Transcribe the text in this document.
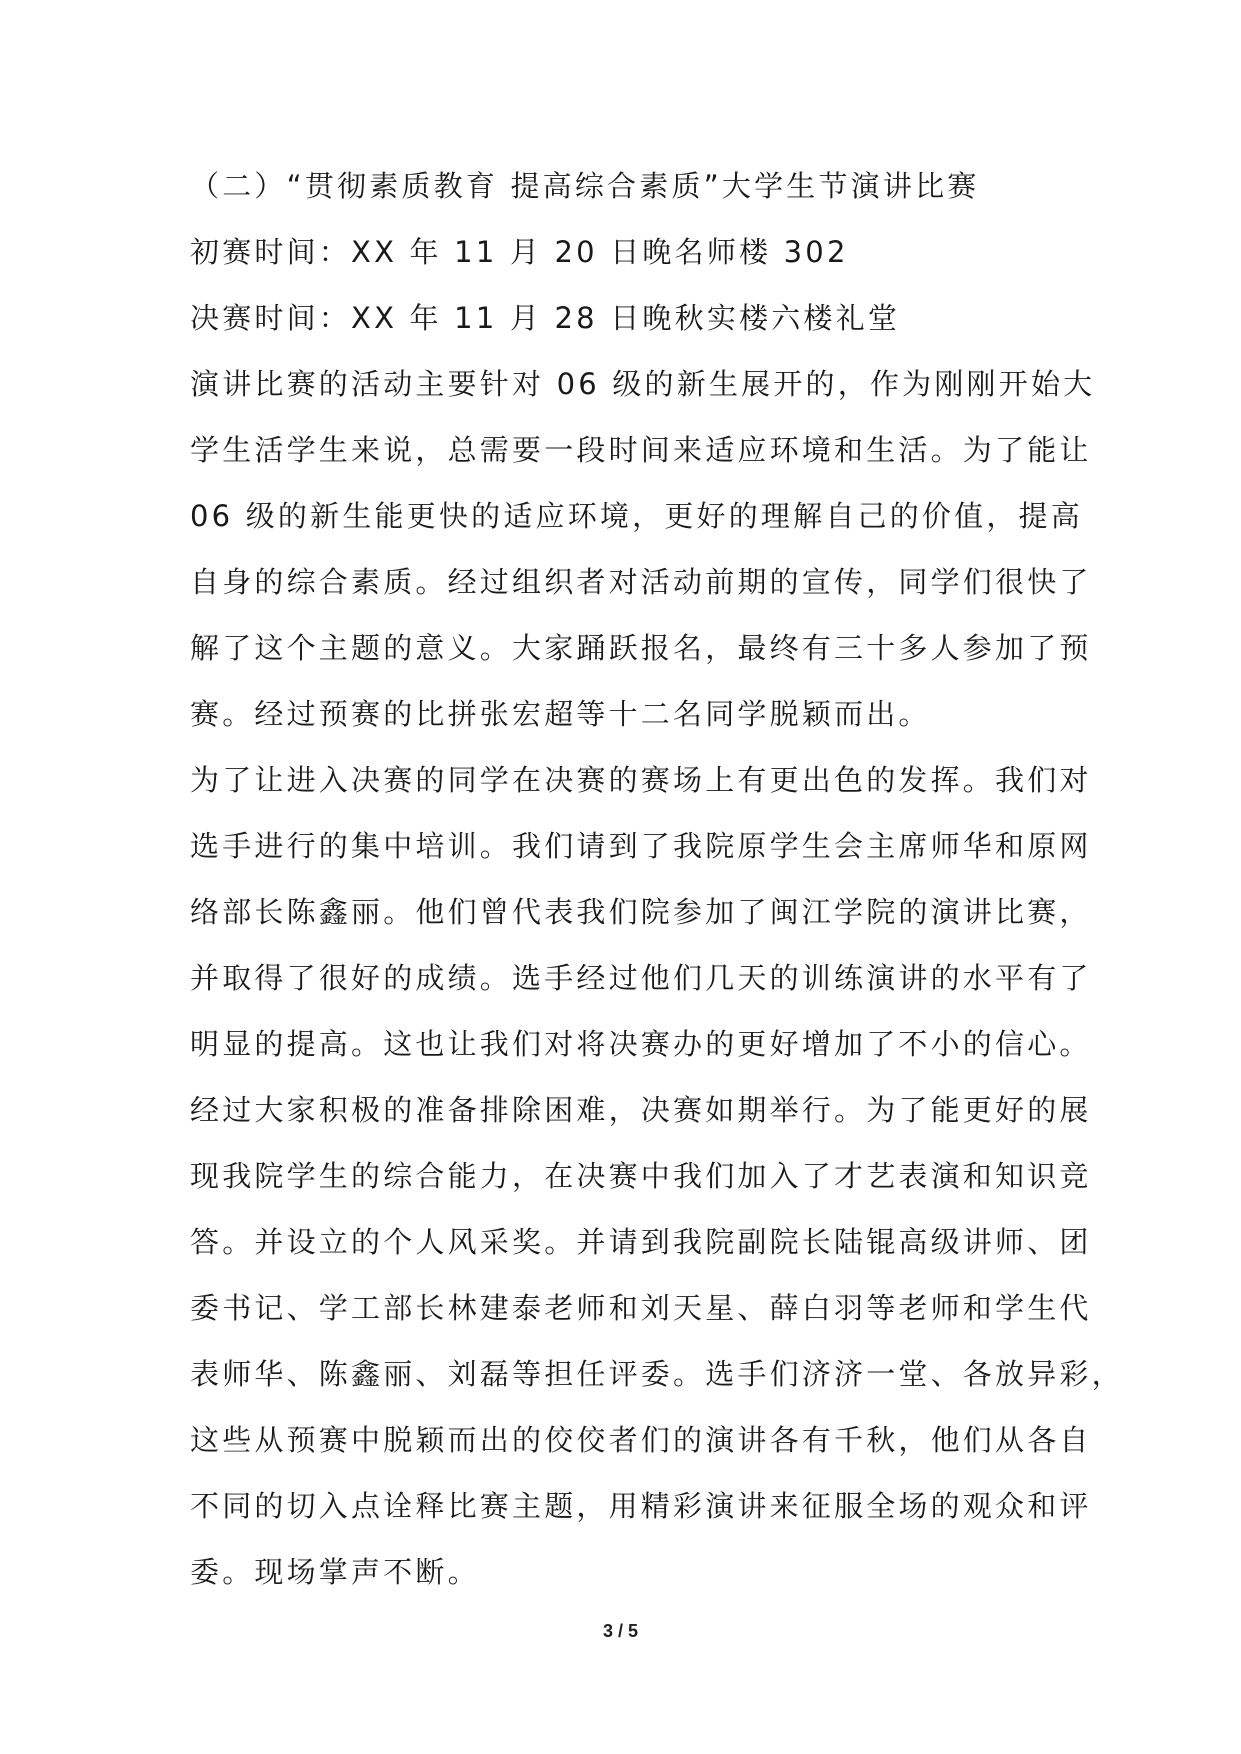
（二）“贯彻素质教育 提高综合素质”大学生节演讲比赛
初赛时间：XX 年 11 月 20 日晚名师楼 302
决赛时间：XX 年 11 月 28 日晚秋实楼六楼礼堂
演讲比赛的活动主要针对 06 级的新生展开的，作为刚刚开始大
学生活学生来说，总需要一段时间来适应环境和生活。为了能让
06 级的新生能更快的适应环境，更好的理解自己的价值，提高
自身的综合素质。经过组织者对活动前期的宣传，同学们很快了
解了这个主题的意义。大家踊跃报名，最终有三十多人参加了预
赛。经过预赛的比拼张宏超等十二名同学脱颖而出。
为了让进入决赛的同学在决赛的赛场上有更出色的发挥。我们对
选手进行的集中培训。我们请到了我院原学生会主席师华和原网
络部长陈鑫丽。他们曾代表我们院参加了闽江学院的演讲比赛，
并取得了很好的成绩。选手经过他们几天的训练演讲的水平有了
明显的提高。这也让我们对将决赛办的更好增加了不小的信心。
经过大家积极的准备排除困难，决赛如期举行。为了能更好的展
现我院学生的综合能力，在决赛中我们加入了才艺表演和知识竞
答。并设立的个人风采奖。并请到我院副院长陆锟高级讲师、团
委书记、学工部长林建泰老师和刘天星、薛白羽等老师和学生代
表师华、陈鑫丽、刘磊等担任评委。选手们济济一堂、各放异彩，
这些从预赛中脱颖而出的佼佼者们的演讲各有千秋，他们从各自
不同的切入点诠释比赛主题，用精彩演讲来征服全场的观众和评
委。现场掌声不断。
3 / 5
